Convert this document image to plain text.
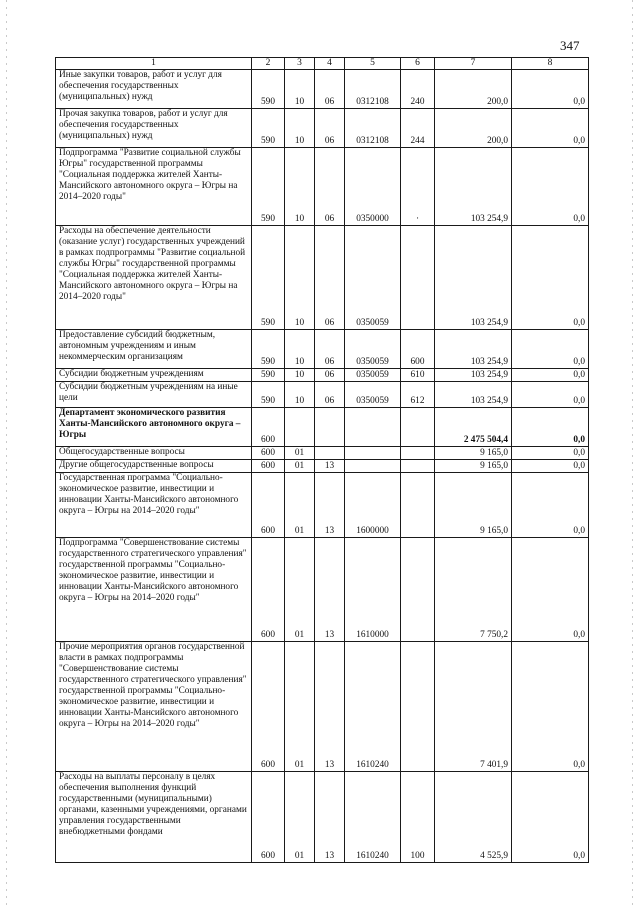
347
1	2	3	4	5	6	7	8
Иные закупки товаров, работ и услуг для обеспечения государственных (муниципальных) нужд	590	10	06	0312108	240	200,0	0,0
Прочая закупка товаров, работ и услуг для обеспечения государственных (муниципальных) нужд	590	10	06	0312108	244	200,0	0,0
Подпрограмма "Развитие социальной службы Югры" государственной программы "Социальная поддержка жителей Ханты-Мансийского автономного округа – Югры на 2014–2020 годы"	590	10	06	0350000	·	103 254,9	0,0
Расходы на обеспечение деятельности (оказание услуг) государственных учреждений в рамках подпрограммы "Развитие социальной службы Югры" государственной программы "Социальная поддержка жителей Ханты-Мансийского автономного округа – Югры на 2014–2020 годы"	590	10	06	0350059		103 254,9	0,0
Предоставление субсидий бюджетным, автономным учреждениям и иным некоммерческим организациям	590	10	06	0350059	600	103 254,9	0,0
Субсидии бюджетным учреждениям	590	10	06	0350059	610	103 254,9	0,0
Субсидии бюджетным учреждениям на иные цели	590	10	06	0350059	612	103 254,9	0,0
Департамент экономического развития Ханты-Мансийского автономного округа – Югры	600					2 475 504,4	0,0
Общегосударственные вопросы	600	01				9 165,0	0,0
Другие общегосударственные вопросы	600	01	13			9 165,0	0,0
Государственная программа "Социально-экономическое развитие, инвестиции и инновации Ханты-Мансийского автономного округа – Югры на 2014–2020 годы"	600	01	13	1600000		9 165,0	0,0
Подпрограмма "Совершенствование системы государственного стратегического управления" государственной программы "Социально-экономическое развитие, инвестиции и инновации Ханты-Мансийского автономного округа – Югры на 2014–2020 годы"	600	01	13	1610000		7 750,2	0,0
Прочие мероприятия органов государственной власти в рамках подпрограммы "Совершенствование системы государственного стратегического управления" государственной программы "Социально-экономическое развитие, инвестиции и инновации Ханты-Мансийского автономного округа – Югры на 2014–2020 годы"	600	01	13	1610240		7 401,9	0,0
Расходы на выплаты персоналу в целях обеспечения выполнения функций государственными (муниципальными) органами, казенными учреждениями, органами управления государственными внебюджетными фондами	600	01	13	1610240	100	4 525,9	0,0
